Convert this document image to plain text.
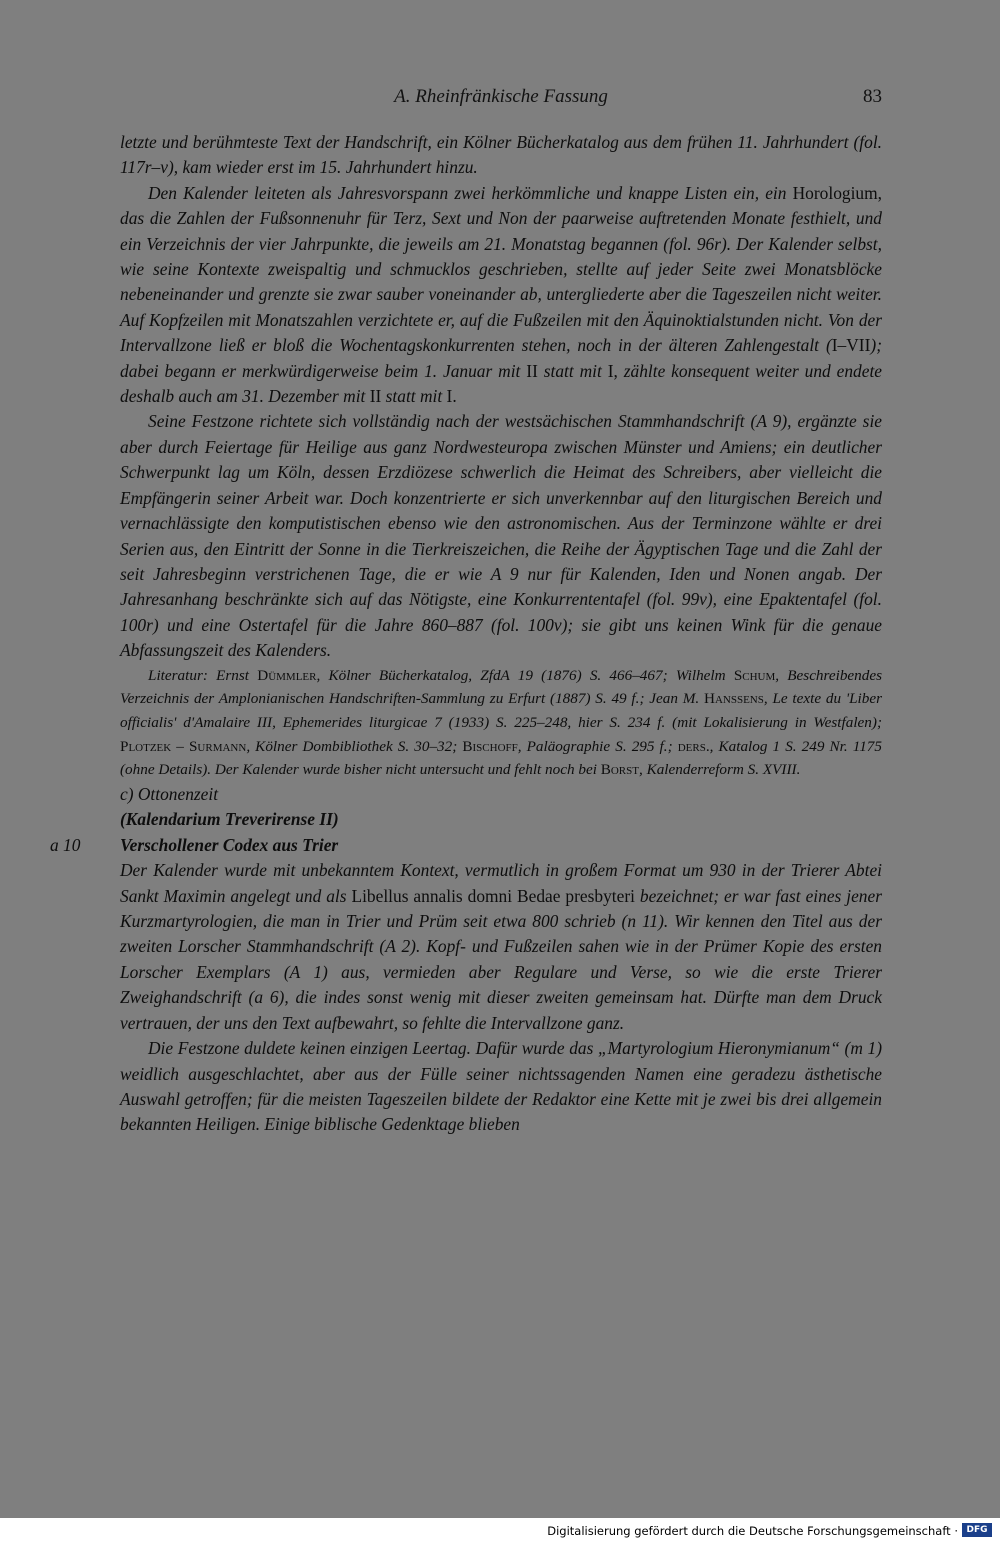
A. Rheinfränkische Fassung	83

letzte und berühmteste Text der Handschrift, ein Kölner Bücherkatalog aus dem frühen 11. Jahrhundert (fol. 117r–v), kam wieder erst im 15. Jahrhundert hinzu.

Den Kalender leiteten als Jahresvorspann zwei herkömmliche und knappe Listen ein, ein Horologium, das die Zahlen der Fußsonnenuhr für Terz, Sext und Non der paarweise auftretenden Monate festhielt, und ein Verzeichnis der vier Jahrpunkte, die jeweils am 21. Monatstag begannen (fol. 96r). Der Kalender selbst, wie seine Kontexte zweispaltig und schmucklos geschrieben, stellte auf jeder Seite zwei Monatsblöcke nebeneinander und grenzte sie zwar sauber voneinander ab, untergliederte aber die Tageszeilen nicht weiter. Auf Kopfzeilen mit Monatszahlen verzichtete er, auf die Fußzeilen mit den Äquinoktialstunden nicht. Von der Intervallzone ließ er bloß die Wochentagskonkurrenten stehen, noch in der älteren Zahlengestalt (I–VII); dabei begann er merkwürdigerweise beim 1. Januar mit II statt mit I, zählte konsequent weiter und endete deshalb auch am 31. Dezember mit II statt mit I.

Seine Festzone richtete sich vollständig nach der westsächischen Stammhandschrift (A 9), ergänzte sie aber durch Feiertage für Heilige aus ganz Nordwesteuropa zwischen Münster und Amiens; ein deutlicher Schwerpunkt lag um Köln, dessen Erzdiözese schwerlich die Heimat des Schreibers, aber vielleicht die Empfängerin seiner Arbeit war. Doch konzentrierte er sich unverkennbar auf den liturgischen Bereich und vernachlässigte den komputistischen ebenso wie den astronomischen. Aus der Terminzone wählte er drei Serien aus, den Eintritt der Sonne in die Tierkreiszeichen, die Reihe der Ägyptischen Tage und die Zahl der seit Jahresbeginn verstrichenen Tage, die er wie A 9 nur für Kalenden, Iden und Nonen angab. Der Jahresanhang beschränkte sich auf das Nötigste, eine Konkurrententafel (fol. 99v), eine Epaktentafel (fol. 100r) und eine Ostertafel für die Jahre 860–887 (fol. 100v); sie gibt uns keinen Wink für die genaue Abfassungszeit des Kalenders.

Literatur: Ernst Dümmler, Kölner Bücherkatalog, ZfdA 19 (1876) S. 466–467; Wilhelm Schum, Beschreibendes Verzeichnis der Amplonianischen Handschriften-Sammlung zu Erfurt (1887) S. 49 f.; Jean M. Hanssens, Le texte du 'Liber officialis' d'Amalaire III, Ephemerides liturgicae 7 (1933) S. 225–248, hier S. 234 f. (mit Lokalisierung in Westfalen); Plotzek – Surmann, Kölner Dombibliothek S. 30–32; Bischoff, Paläographie S. 295 f.; ders., Katalog 1 S. 249 Nr. 1175 (ohne Details). Der Kalender wurde bisher nicht untersucht und fehlt noch bei Borst, Kalenderreform S. XVIII.

c) Ottonenzeit

(Kalendarium Treverirense II)

a 10 Verschollener Codex aus Trier

Der Kalender wurde mit unbekanntem Kontext, vermutlich in großem Format um 930 in der Trierer Abtei Sankt Maximin angelegt und als Libellus annalis domni Bedae presbyteri bezeichnet; er war fast eines jener Kurzmartyrologien, die man in Trier und Prüm seit etwa 800 schrieb (n 11). Wir kennen den Titel aus der zweiten Lorscher Stammhandschrift (A 2). Kopf- und Fußzeilen sahen wie in der Prümer Kopie des ersten Lorscher Exemplars (A 1) aus, vermieden aber Regulare und Verse, so wie die erste Trierer Zweighandschrift (a 6), die indes sonst wenig mit dieser zweiten gemeinsam hat. Dürfte man dem Druck vertrauen, der uns den Text aufbewahrt, so fehlte die Intervallzone ganz.

Die Festzone duldete keinen einzigen Leertag. Dafür wurde das „Martyrologium Hieronymianum“ (m 1) weidlich ausgeschlachtet, aber aus der Fülle seiner nichtssagenden Namen eine geradezu ästhetische Auswahl getroffen; für die meisten Tageszeilen bildete der Redaktor eine Kette mit je zwei bis drei allgemein bekannten Heiligen. Einige biblische Gedenktage blieben

Digitalisierung gefördert durch die Deutsche Forschungsgemeinschaft · DFG
